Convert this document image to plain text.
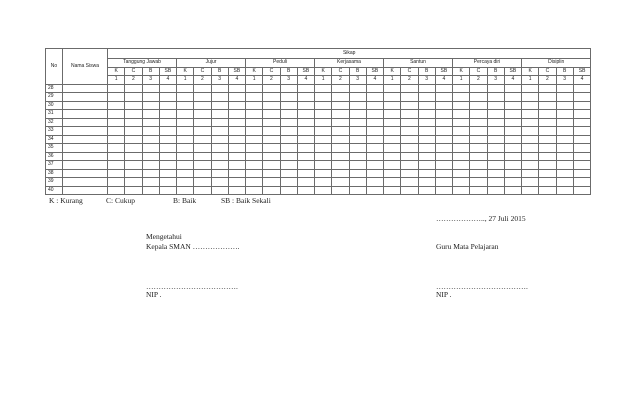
No	Nama Siswa	Sikap																											
		Tanggung Jawab				Jujur				Peduli				Kerjasama				Santun				Percaya diri				Disiplin			
		K	C	B	SB	K	C	B	SB	K	C	B	SB	K	C	B	SB	K	C	B	SB	K	C	B	SB	K	C	B	SB
		1	2	3	4	1	2	3	4	1	2	3	4	1	2	3	4	1	2	3	4	1	2	3	4	1	2	3	4
28																													
29																													
30																													
31																													
32																													
33																													
34																													
35																													
36																													
37																													
38																													
39																													
40																													
K : Kurang	C: Cukup	B: Baik	SB : Baik Sekali
……………….., 27 Juli 2015
Mengetahui
Kepala SMAN ……………….	Guru Mata Pelajaran
……………………………….	……………………………….
NIP .	NIP .
